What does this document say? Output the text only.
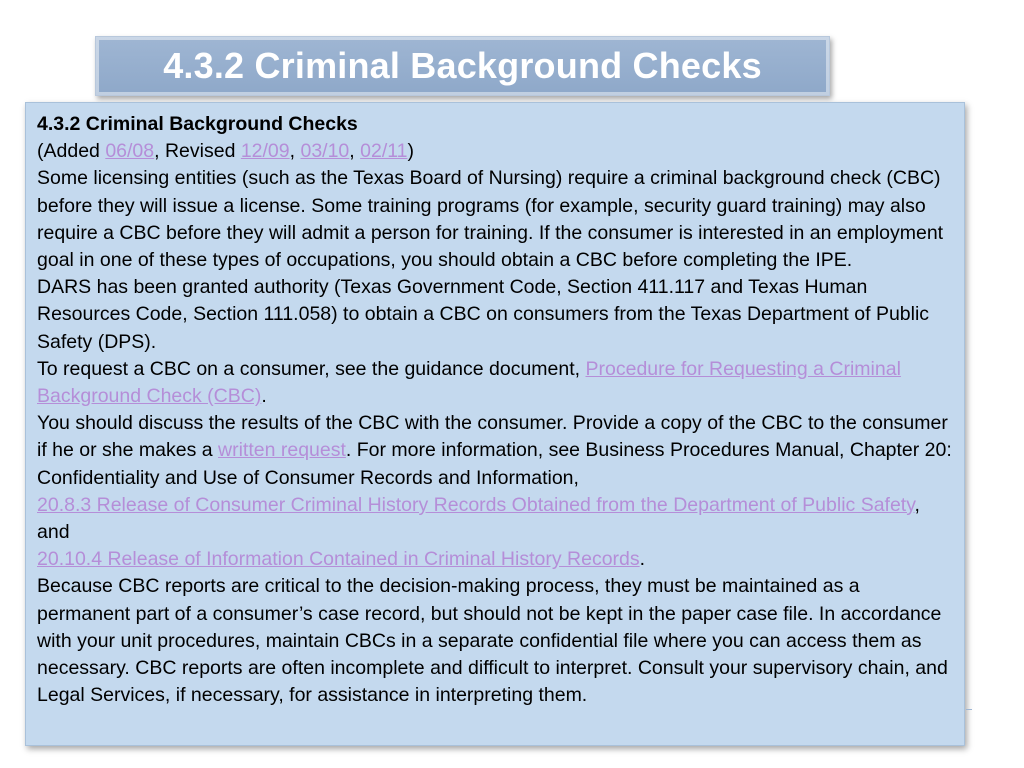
4.3.2 Criminal Background Checks

4.3.2 Criminal Background Checks

(Added 06/08, Revised 12/09, 03/10, 02/11)

Some licensing entities (such as the Texas Board of Nursing) require a criminal background check (CBC) before they will issue a license. Some training programs (for example, security guard training) may also require a CBC before they will admit a person for training. If the consumer is interested in an employment goal in one of these types of occupations, you should obtain a CBC before completing the IPE.

DARS has been granted authority (Texas Government Code, Section 411.117 and Texas Human Resources Code, Section 111.058) to obtain a CBC on consumers from the Texas Department of Public Safety (DPS).

To request a CBC on a consumer, see the guidance document, Procedure for Requesting a Criminal Background Check (CBC).

You should discuss the results of the CBC with the consumer. Provide a copy of the CBC to the consumer if he or she makes a written request. For more information, see Business Procedures Manual, Chapter 20: Confidentiality and Use of Consumer Records and Information,

20.8.3 Release of Consumer Criminal History Records Obtained from the Department of Public Safety, and

20.10.4 Release of Information Contained in Criminal History Records.

Because CBC reports are critical to the decision-making process, they must be maintained as a permanent part of a consumer’s case record, but should not be kept in the paper case file. In accordance with your unit procedures, maintain CBCs in a separate confidential file where you can access them as necessary. CBC reports are often incomplete and difficult to interpret. Consult your supervisory chain, and Legal Services, if necessary, for assistance in interpreting them.
